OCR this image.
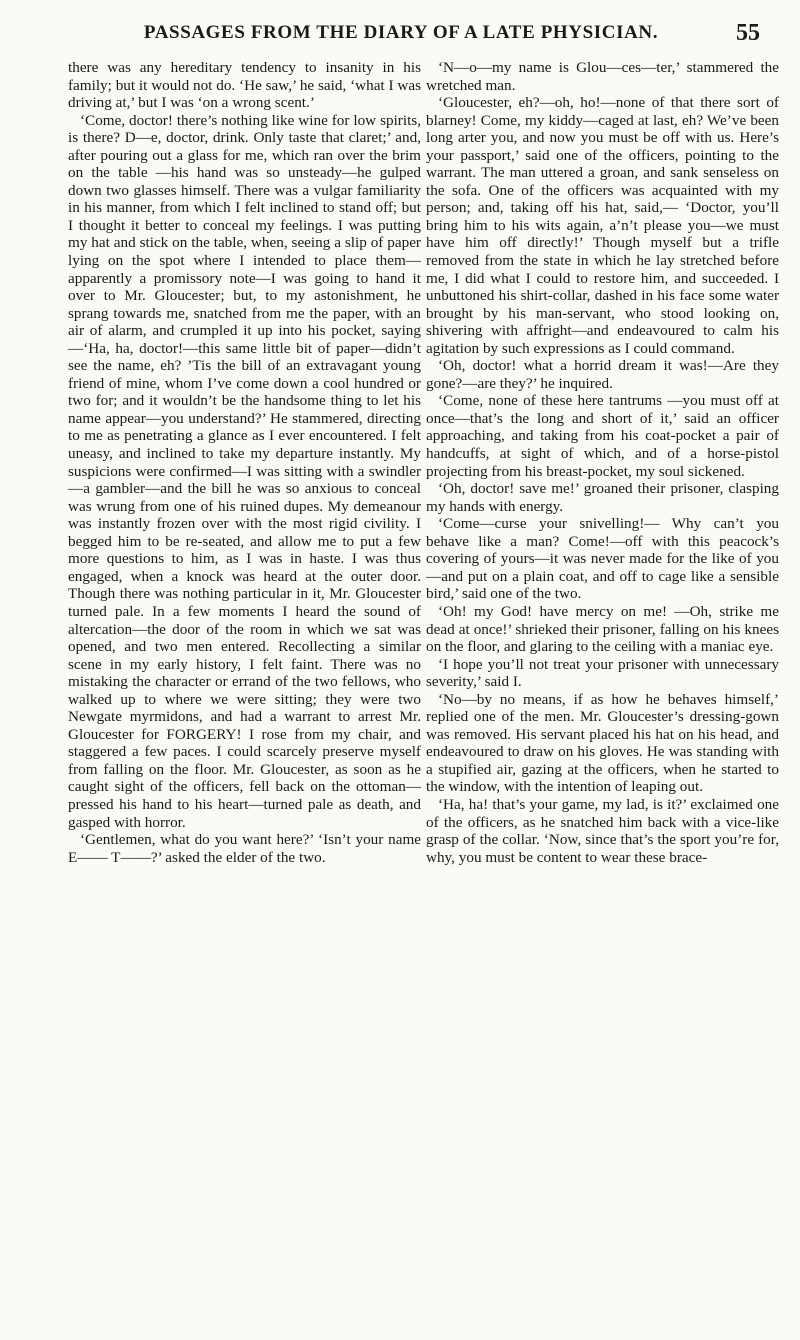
PASSAGES FROM THE DIARY OF A LATE PHYSICIAN.	55

there was any hereditary tendency to insanity in his family; but it would not do. ‘He saw,’ he said, ‘what I was driving at,’ but I was ‘on a wrong scent.’

‘Come, doctor! there’s nothing like wine for low spirits, is there? D—e, doctor, drink. Only taste that claret;’ and, after pouring out a glass for me, which ran over the brim on the table —his hand was so unsteady—he gulped down two glasses himself. There was a vulgar familiarity in his manner, from which I felt inclined to stand off; but I thought it better to conceal my feelings. I was putting my hat and stick on the table, when, seeing a slip of paper lying on the spot where I intended to place them—apparently a promissory note—I was going to hand it over to Mr. Gloucester; but, to my astonishment, he sprang towards me, snatched from me the paper, with an air of alarm, and crumpled it up into his pocket, saying—‘Ha, ha, doctor!—this same little bit of paper—didn’t see the name, eh? ’Tis the bill of an extravagant young friend of mine, whom I’ve come down a cool hundred or two for; and it wouldn’t be the handsome thing to let his name appear—you understand?’ He stammered, directing to me as penetrating a glance as I ever encountered. I felt uneasy, and inclined to take my departure instantly. My suspicions were confirmed—I was sitting with a swindler—a gambler—and the bill he was so anxious to conceal was wrung from one of his ruined dupes. My demeanour was instantly frozen over with the most rigid civility. I begged him to be re-seated, and allow me to put a few more questions to him, as I was in haste. I was thus engaged, when a knock was heard at the outer door. Though there was nothing particular in it, Mr. Gloucester turned pale. In a few moments I heard the sound of altercation—the door of the room in which we sat was opened, and two men entered. Recollecting a similar scene in my early history, I felt faint. There was no mistaking the character or errand of the two fellows, who walked up to where we were sitting; they were two Newgate myrmidons, and had a warrant to arrest Mr. Gloucester for FORGERY! I rose from my chair, and staggered a few paces. I could scarcely preserve myself from falling on the floor. Mr. Gloucester, as soon as he caught sight of the officers, fell back on the ottoman—pressed his hand to his heart—turned pale as death, and gasped with horror.

‘Gentlemen, what do you want here?’ ‘Isn’t your name E—— T——?’ asked the elder of the two.

‘N—o—my name is Glou—ces—ter,’ stammered the wretched man.

‘Gloucester, eh?—oh, ho!—none of that there sort of blarney! Come, my kiddy—caged at last, eh? We’ve been long arter you, and now you must be off with us. Here’s your passport,’ said one of the officers, pointing to the warrant. The man uttered a groan, and sank senseless on the sofa. One of the officers was acquainted with my person; and, taking off his hat, said,— ‘Doctor, you’ll bring him to his wits again, a’n’t please you—we must have him off directly!’ Though myself but a trifle removed from the state in which he lay stretched before me, I did what I could to restore him, and succeeded. I unbuttoned his shirt-collar, dashed in his face some water brought by his man-servant, who stood looking on, shivering with affright—and endeavoured to calm his agitation by such expressions as I could command.

‘Oh, doctor! what a horrid dream it was!—Are they gone?—are they?’ he inquired.

‘Come, none of these here tantrums —you must off at once—that’s the long and short of it,’ said an officer approaching, and taking from his coat-pocket a pair of handcuffs, at sight of which, and of a horse-pistol projecting from his breast-pocket, my soul sickened.

‘Oh, doctor! save me!’ groaned their prisoner, clasping my hands with energy.

‘Come—curse your snivelling!— Why can’t you behave like a man? Come!—off with this peacock’s covering of yours—it was never made for the like of you—and put on a plain coat, and off to cage like a sensible bird,’ said one of the two.

‘Oh! my God! have mercy on me! —Oh, strike me dead at once!’ shrieked their prisoner, falling on his knees on the floor, and glaring to the ceiling with a maniac eye.

‘I hope you’ll not treat your prisoner with unnecessary severity,’ said I.

‘No—by no means, if as how he behaves himself,’ replied one of the men. Mr. Gloucester’s dressing-gown was removed. His servant placed his hat on his head, and endeavoured to draw on his gloves. He was standing with a stupified air, gazing at the officers, when he started to the window, with the intention of leaping out.

‘Ha, ha! that’s your game, my lad, is it?’ exclaimed one of the officers, as he snatched him back with a vice-like grasp of the collar. ‘Now, since that’s the sport you’re for, why, you must be content to wear these brace-
